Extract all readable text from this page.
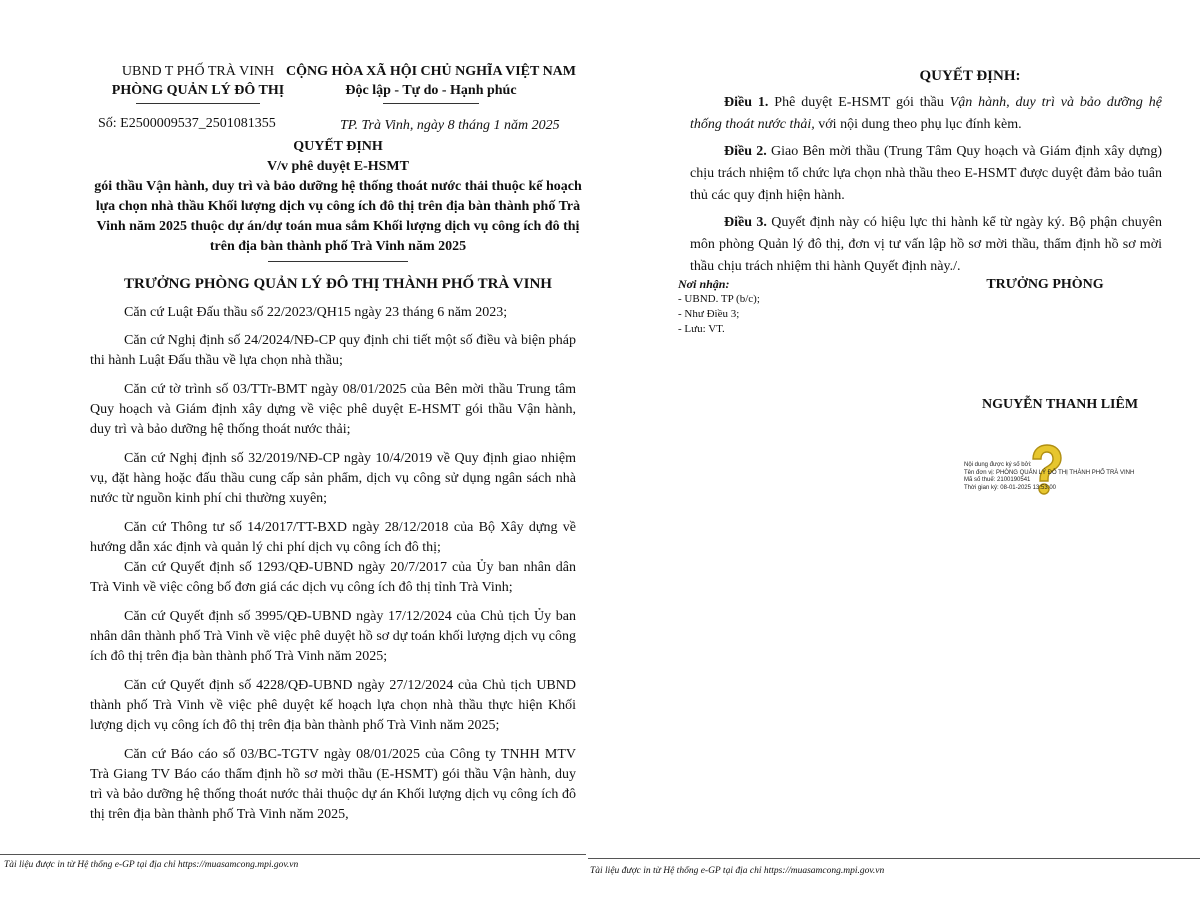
UBND T PHỐ TRÀ VINH
PHÒNG QUẢN LÝ ĐÔ THỊ
Số: E2500009537_2501081355
CỘNG HÒA XÃ HỘI CHỦ NGHĨA VIỆT NAM
Độc lập - Tự do - Hạnh phúc
TP. Trà Vinh, ngày 8 tháng 1 năm 2025
QUYẾT ĐỊNH
V/v phê duyệt E-HSMT
gói thầu Vận hành, duy trì và bảo dưỡng hệ thống thoát nước thải thuộc kế hoạch lựa chọn nhà thầu Khối lượng dịch vụ công ích đô thị trên địa bàn thành phố Trà Vinh năm 2025 thuộc dự án/dự toán mua sắm Khối lượng dịch vụ công ích đô thị trên địa bàn thành phố Trà Vinh năm 2025
TRƯỞNG PHÒNG QUẢN LÝ ĐÔ THỊ THÀNH PHỐ TRÀ VINH

Căn cứ Luật Đấu thầu số 22/2023/QH15 ngày 23 tháng 6 năm 2023;

Căn cứ Nghị định số 24/2024/NĐ-CP quy định chi tiết một số điều và biện pháp thi hành Luật Đấu thầu về lựa chọn nhà thầu;

Căn cứ tờ trình số 03/TTr-BMT ngày 08/01/2025 của Bên mời thầu Trung tâm Quy hoạch và Giám định xây dựng về việc phê duyệt E-HSMT gói thầu Vận hành, duy trì và bảo dưỡng hệ thống thoát nước thải;

Căn cứ Nghị định số 32/2019/NĐ-CP ngày 10/4/2019 về Quy định giao nhiệm vụ, đặt hàng hoặc đấu thầu cung cấp sản phẩm, dịch vụ công sử dụng ngân sách nhà nước từ nguồn kinh phí chi thường xuyên;

Căn cứ Thông tư số 14/2017/TT-BXD ngày 28/12/2018 của Bộ Xây dựng về hướng dẫn xác định và quản lý chi phí dịch vụ công ích đô thị;

Căn cứ Quyết định số 1293/QĐ-UBND ngày 20/7/2017 của Ủy ban nhân dân Trà Vinh về việc công bố đơn giá các dịch vụ công ích đô thị tỉnh Trà Vinh;

Căn cứ Quyết định số 3995/QĐ-UBND ngày 17/12/2024 của Chủ tịch Ủy ban nhân dân thành phố Trà Vinh về việc phê duyệt hồ sơ dự toán khối lượng dịch vụ công ích đô thị trên địa bàn thành phố Trà Vinh năm 2025;

Căn cứ Quyết định số 4228/QĐ-UBND ngày 27/12/2024 của Chủ tịch UBND thành phố Trà Vinh về việc phê duyệt kế hoạch lựa chọn nhà thầu thực hiện Khối lượng dịch vụ công ích đô thị trên địa bàn thành phố Trà Vinh năm 2025;

Căn cứ Báo cáo số 03/BC-TGTV ngày 08/01/2025 của Công ty TNHH MTV Trà Giang TV Báo cáo thẩm định hồ sơ mời thầu (E-HSMT) gói thầu Vận hành, duy trì và bảo dưỡng hệ thống thoát nước thải thuộc dự án Khối lượng dịch vụ công ích đô thị trên địa bàn thành phố Trà Vinh năm 2025,

Tài liệu được in từ Hệ thống e-GP tại địa chỉ https://muasamcong.mpi.gov.vn
QUYẾT ĐỊNH:

Điều 1. Phê duyệt E-HSMT gói thầu Vận hành, duy trì và bảo dưỡng hệ thống thoát nước thải, với nội dung theo phụ lục đính kèm.

Điều 2. Giao Bên mời thầu (Trung Tâm Quy hoạch và Giám định xây dựng) chịu trách nhiệm tổ chức lựa chọn nhà thầu theo E-HSMT được duyệt đảm bảo tuân thủ các quy định hiện hành.

Điều 3. Quyết định này có hiệu lực thi hành kể từ ngày ký. Bộ phận chuyên môn phòng Quản lý đô thị, đơn vị tư vấn lập hồ sơ mời thầu, thẩm định hồ sơ mời thầu chịu trách nhiệm thi hành Quyết định này./.

Nơi nhận:
- UBND. TP (b/c);
- Như Điều 3;
- Lưu: VT.
TRƯỞNG PHÒNG
NGUYỄN THANH LIÊM
Nội dung được ký số bởi:
Tên đơn vị: PHÒNG QUẢN LÝ ĐÔ THỊ THÀNH PHỐ TRÀ VINH
Mã số thuế: 2100190541
Thời gian ký: 08-01-2025 13:53:00
Tài liệu được in từ Hệ thống e-GP tại địa chỉ https://muasamcong.mpi.gov.vn
